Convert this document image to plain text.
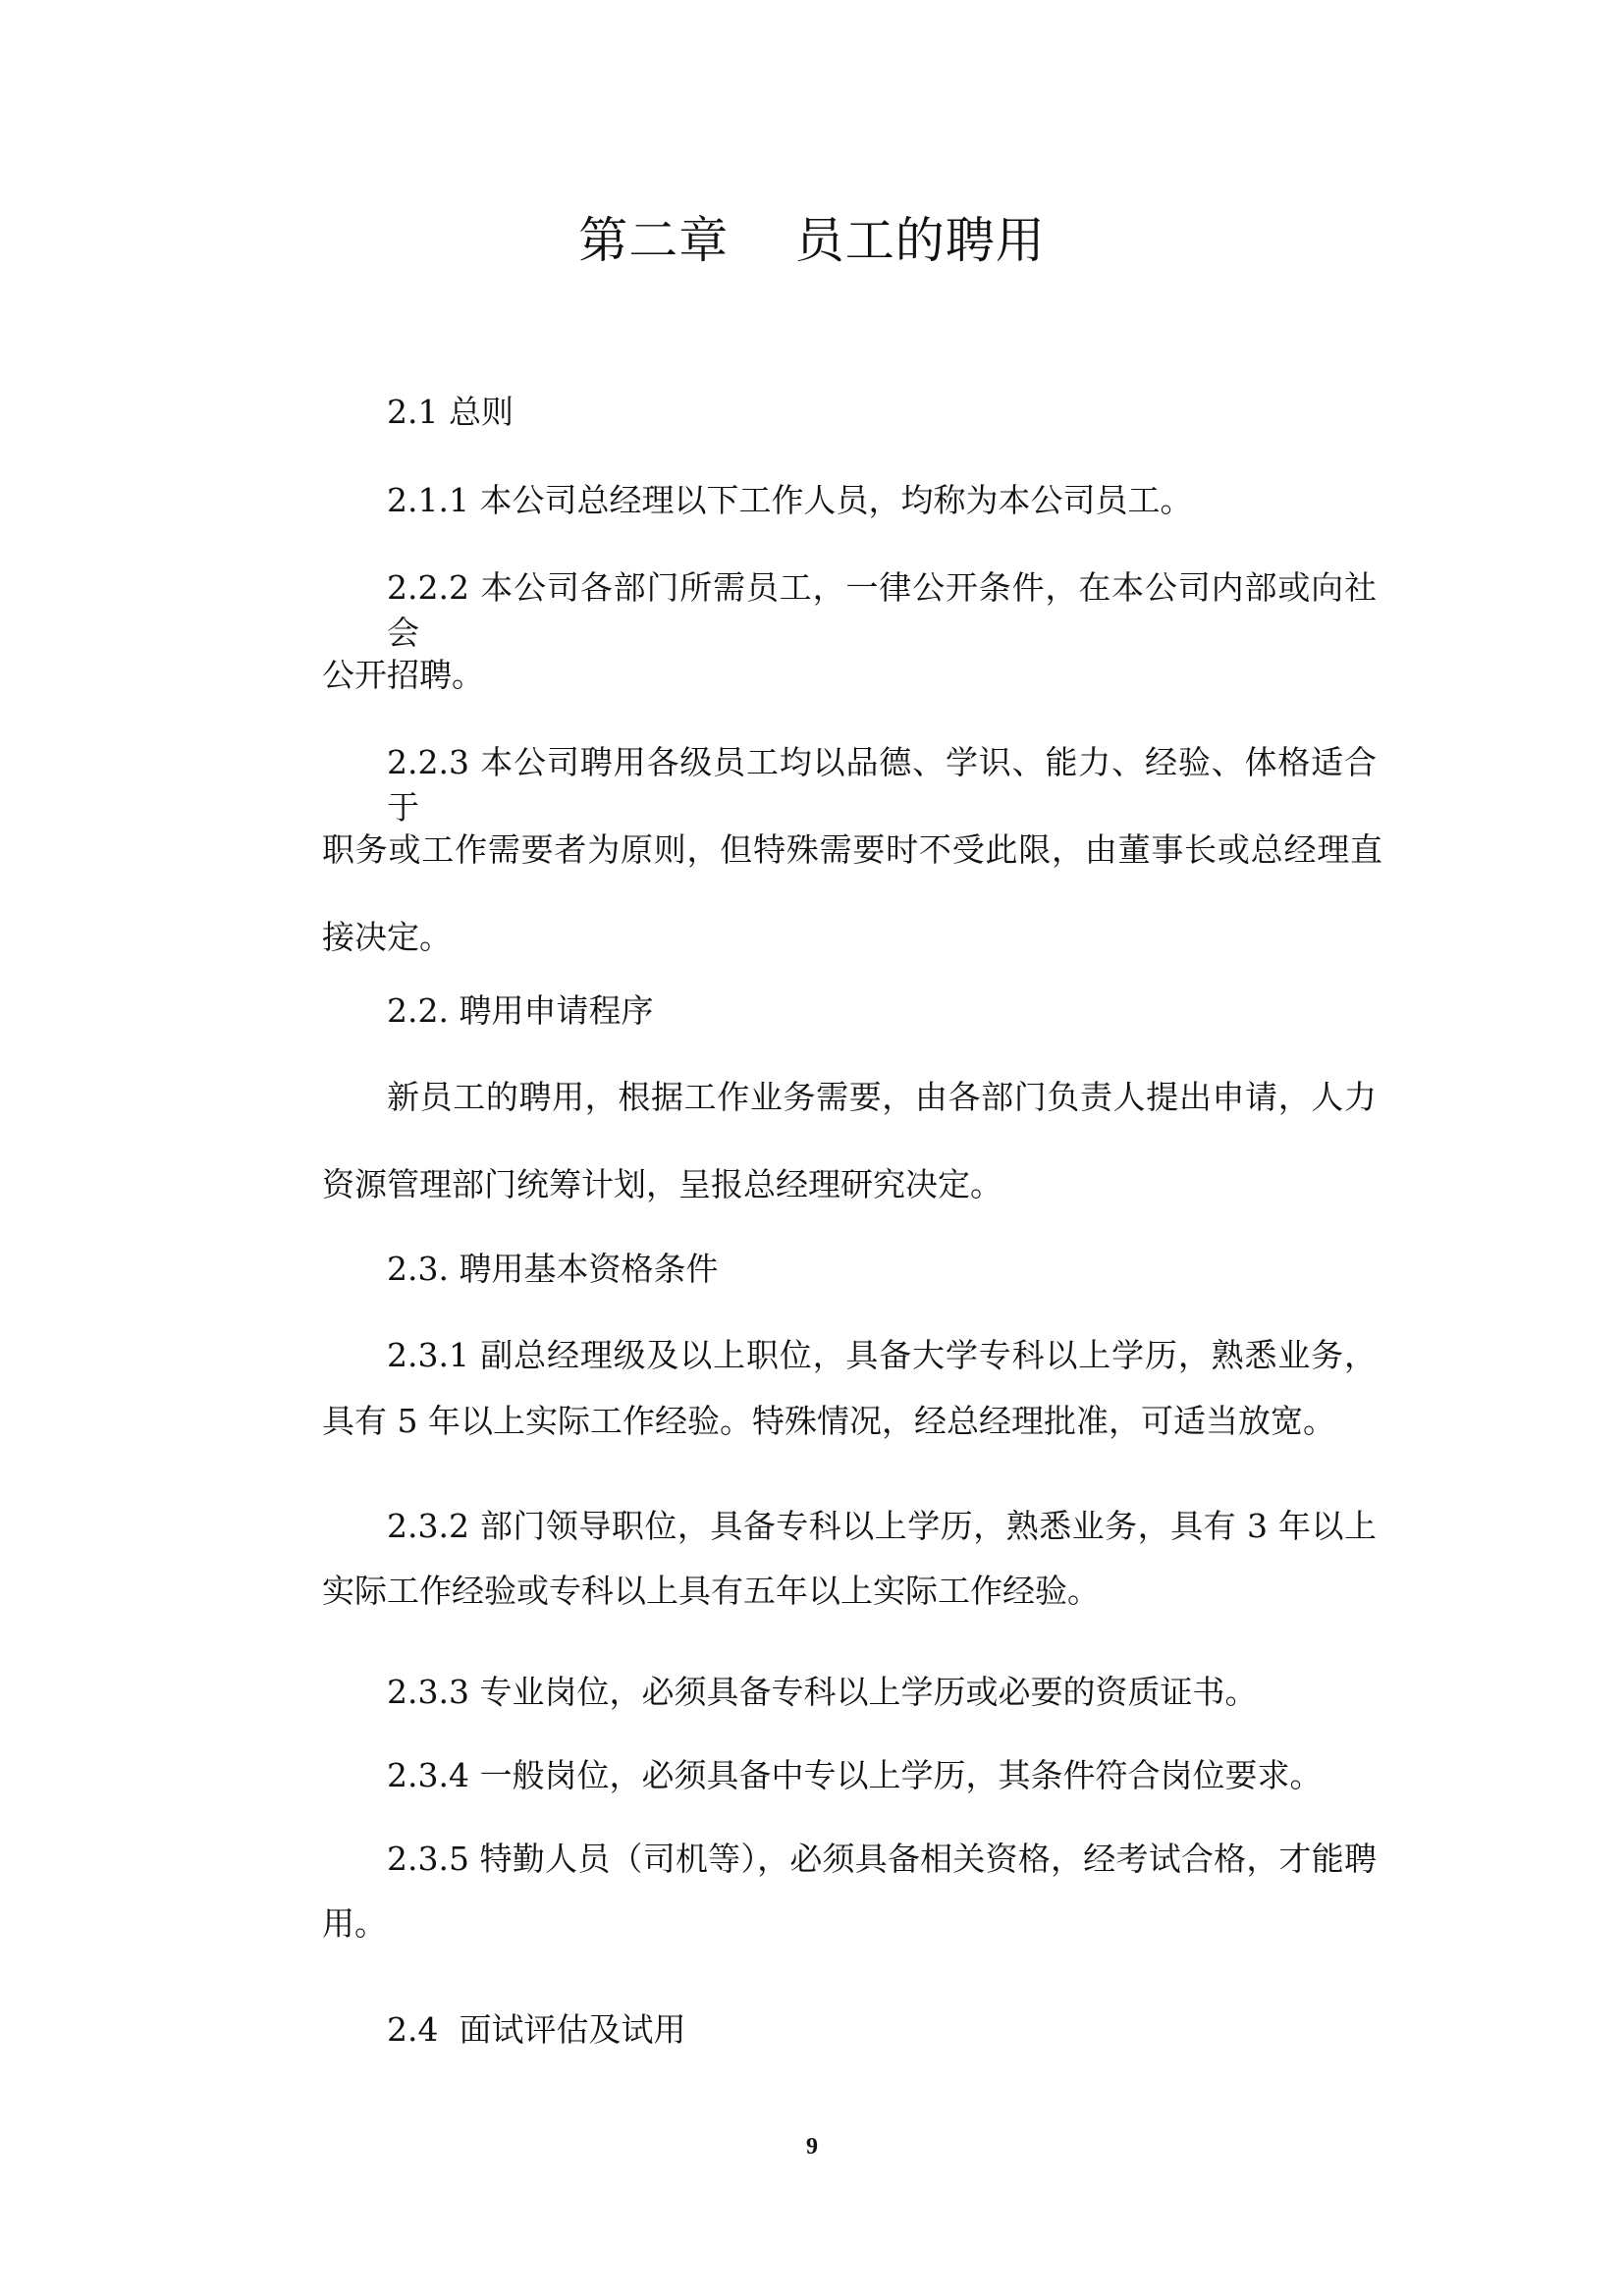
第二章    员工的聘用
2.1 总则
2.1.1 本公司总经理以下工作人员，均称为本公司员工。
2.2.2 本公司各部门所需员工，一律公开条件，在本公司内部或向社会
公开招聘。
2.2.3 本公司聘用各级员工均以品德、学识、能力、经验、体格适合于
职务或工作需要者为原则，但特殊需要时不受此限，由董事长或总经理直
接决定。
2.2. 聘用申请程序
新员工的聘用，根据工作业务需要，由各部门负责人提出申请，人力
资源管理部门统筹计划，呈报总经理研究决定。
2.3. 聘用基本资格条件
2.3.1 副总经理级及以上职位，具备大学专科以上学历，熟悉业务，
具有 5 年以上实际工作经验。特殊情况，经总经理批准，可适当放宽。
2.3.2 部门领导职位，具备专科以上学历，熟悉业务，具有 3 年以上
实际工作经验或专科以上具有五年以上实际工作经验。
2.3.3 专业岗位，必须具备专科以上学历或必要的资质证书。
2.3.4 一般岗位，必须具备中专以上学历，其条件符合岗位要求。
2.3.5 特勤人员（司机等），必须具备相关资格，经考试合格，才能聘
用。
2.4  面试评估及试用
9
